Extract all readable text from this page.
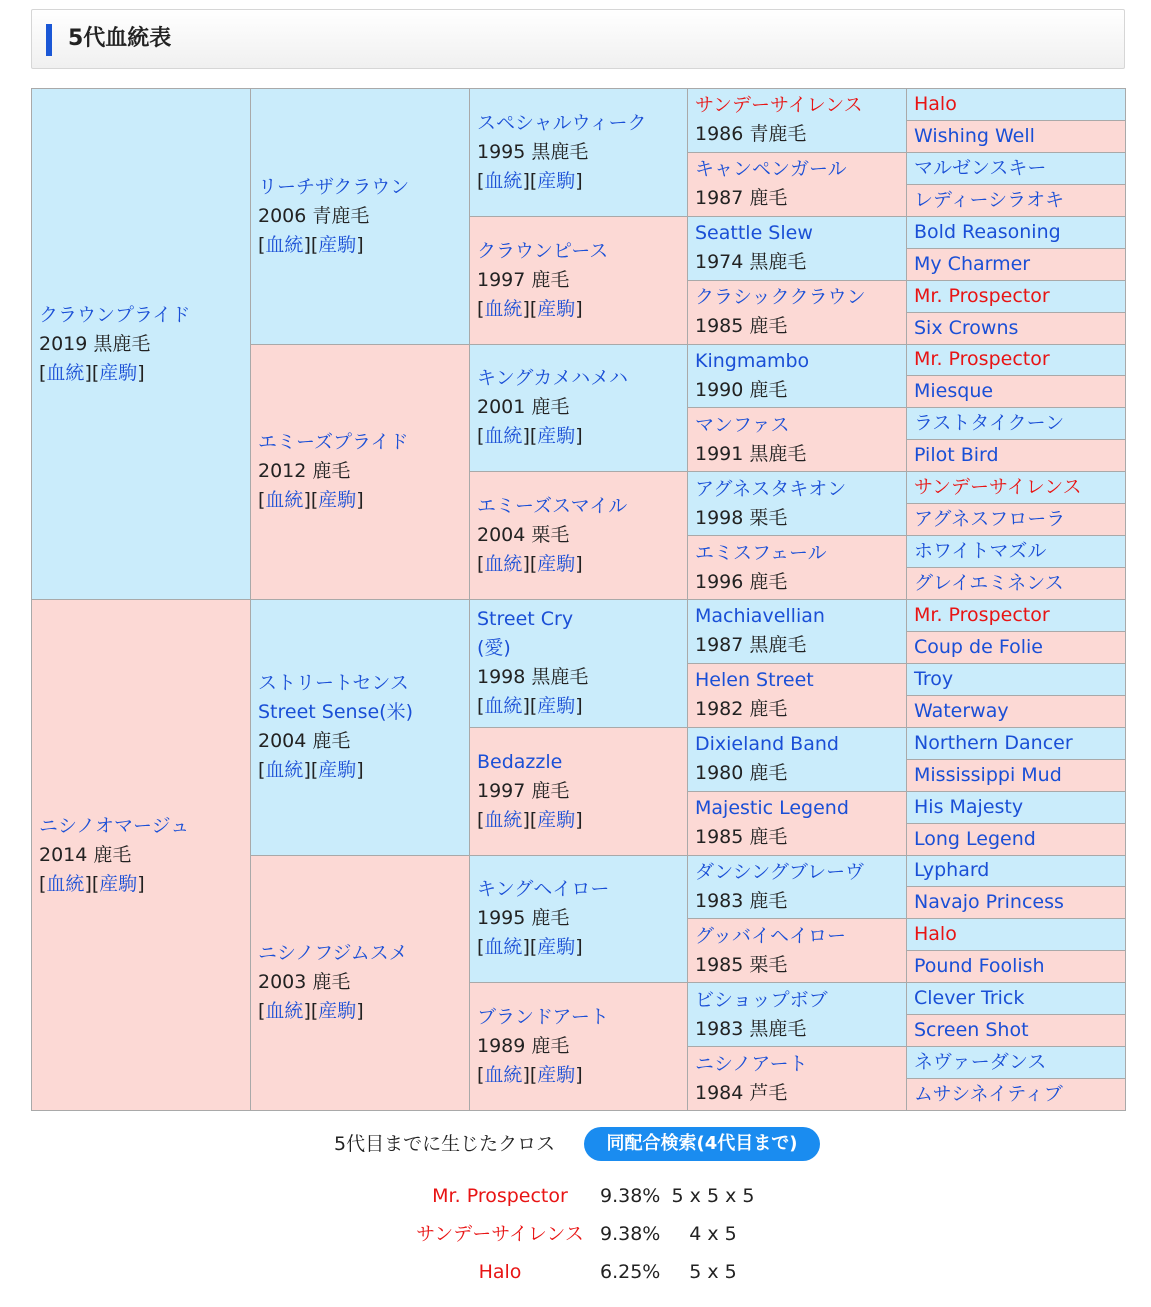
5代血統表
クラウンプライド
2019 黒鹿毛
[血統][産駒]	リーチザクラウン
2006 青鹿毛
[血統][産駒]	スペシャルウィーク
1995 黒鹿毛
[血統][産駒]	サンデーサイレンス
1986 青鹿毛	Halo
				Wishing Well
			キャンペンガール
1987 鹿毛	マルゼンスキー
				レディーシラオキ
		クラウンピース
1997 鹿毛
[血統][産駒]	Seattle Slew
1974 黒鹿毛	Bold Reasoning
				My Charmer
			クラシッククラウン
1985 鹿毛	Mr. Prospector
				Six Crowns
	エミーズプライド
2012 鹿毛
[血統][産駒]	キングカメハメハ
2001 鹿毛
[血統][産駒]	Kingmambo
1990 鹿毛	Mr. Prospector
				Miesque
			マンファス
1991 黒鹿毛	ラストタイクーン
				Pilot Bird
		エミーズスマイル
2004 栗毛
[血統][産駒]	アグネスタキオン
1998 栗毛	サンデーサイレンス
				アグネスフローラ
			エミスフェール
1996 鹿毛	ホワイトマズル
				グレイエミネンス
ニシノオマージュ
2014 鹿毛
[血統][産駒]	ストリートセンス
Street Sense(米)
2004 鹿毛
[血統][産駒]	Street Cry
(愛)
1998 黒鹿毛
[血統][産駒]	Machiavellian
1987 黒鹿毛	Mr. Prospector
				Coup de Folie
			Helen Street
1982 鹿毛	Troy
				Waterway
		Bedazzle
1997 鹿毛
[血統][産駒]	Dixieland Band
1980 鹿毛	Northern Dancer
				Mississippi Mud
			Majestic Legend
1985 鹿毛	His Majesty
				Long Legend
	ニシノフジムスメ
2003 鹿毛
[血統][産駒]	キングヘイロー
1995 鹿毛
[血統][産駒]	ダンシングブレーヴ
1983 鹿毛	Lyphard
				Navajo Princess
			グッバイヘイロー
1985 栗毛	Halo
				Pound Foolish
		ブランドアート
1989 鹿毛
[血統][産駒]	ビショップボブ
1983 黒鹿毛	Clever Trick
				Screen Shot
			ニシノアート
1984 芦毛	ネヴァーダンス
				ムサシネイティブ
5代目までに生じたクロス	同配合検索(4代目まで)
Mr. Prospector	9.38% 5 x 5 x 5
サンデーサイレンス 9.38%	4 x 5
Halo	6.25%	5 x 5
